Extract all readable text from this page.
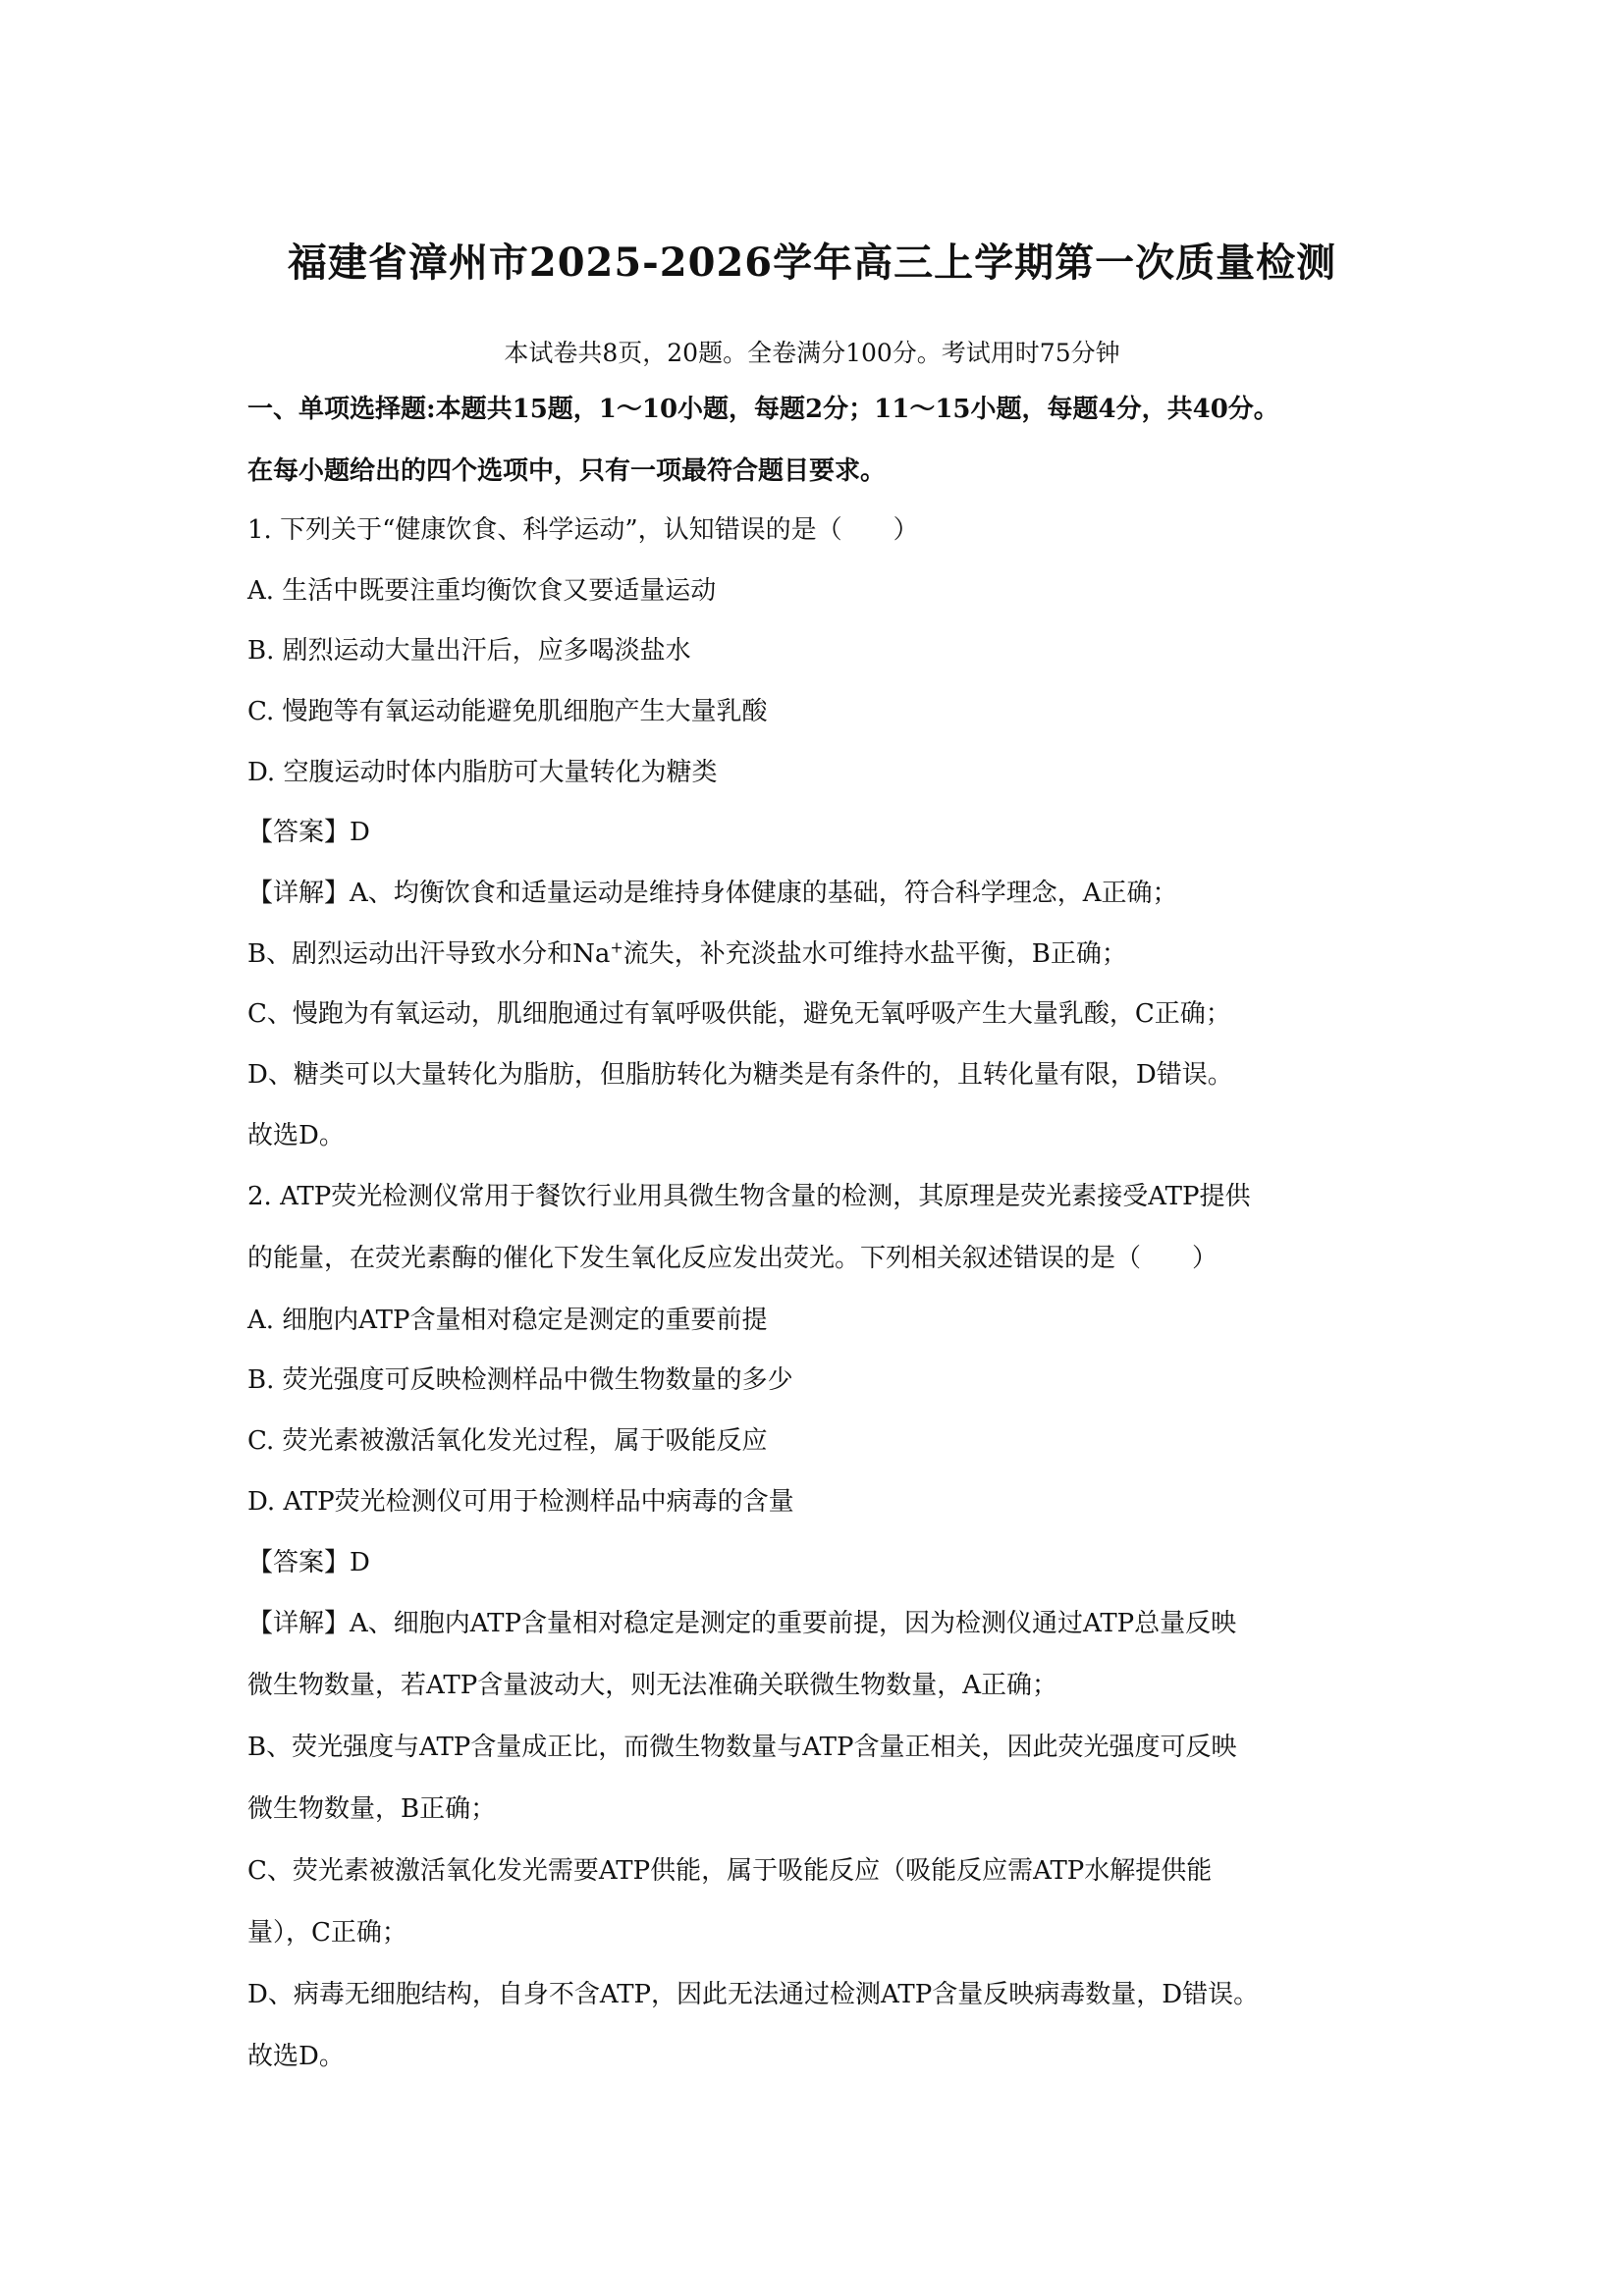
福建省漳州市2025-2026学年高三上学期第一次质量检测
本试卷共8页，20题。全卷满分100分。考试用时75分钟
一、单项选择题:本题共15题，1～10小题，每题2分；11～15小题，每题4分，共40分。
在每小题给出的四个选项中，只有一项最符合题目要求。
1. 下列关于“健康饮食、科学运动”，认知错误的是（　　）
A. 生活中既要注重均衡饮食又要适量运动
B. 剧烈运动大量出汗后，应多喝淡盐水
C. 慢跑等有氧运动能避免肌细胞产生大量乳酸
D. 空腹运动时体内脂肪可大量转化为糖类
【答案】D
【详解】A、均衡饮食和适量运动是维持身体健康的基础，符合科学理念，A正确；
B、剧烈运动出汗导致水分和Na+流失，补充淡盐水可维持水盐平衡，B正确；
C、慢跑为有氧运动，肌细胞通过有氧呼吸供能，避免无氧呼吸产生大量乳酸，C正确；
D、糖类可以大量转化为脂肪，但脂肪转化为糖类是有条件的，且转化量有限，D错误。
故选D。
2. ATP荧光检测仪常用于餐饮行业用具微生物含量的检测，其原理是荧光素接受ATP提供
的能量，在荧光素酶的催化下发生氧化反应发出荧光。下列相关叙述错误的是（　　）
A. 细胞内ATP含量相对稳定是测定的重要前提
B. 荧光强度可反映检测样品中微生物数量的多少
C. 荧光素被激活氧化发光过程，属于吸能反应
D. ATP荧光检测仪可用于检测样品中病毒的含量
【答案】D
【详解】A、细胞内ATP含量相对稳定是测定的重要前提，因为检测仪通过ATP总量反映
微生物数量，若ATP含量波动大，则无法准确关联微生物数量，A正确；
B、荧光强度与ATP含量成正比，而微生物数量与ATP含量正相关，因此荧光强度可反映
微生物数量，B正确；
C、荧光素被激活氧化发光需要ATP供能，属于吸能反应（吸能反应需ATP水解提供能
量），C正确；
D、病毒无细胞结构，自身不含ATP，因此无法通过检测ATP含量反映病毒数量，D错误。
故选D。
